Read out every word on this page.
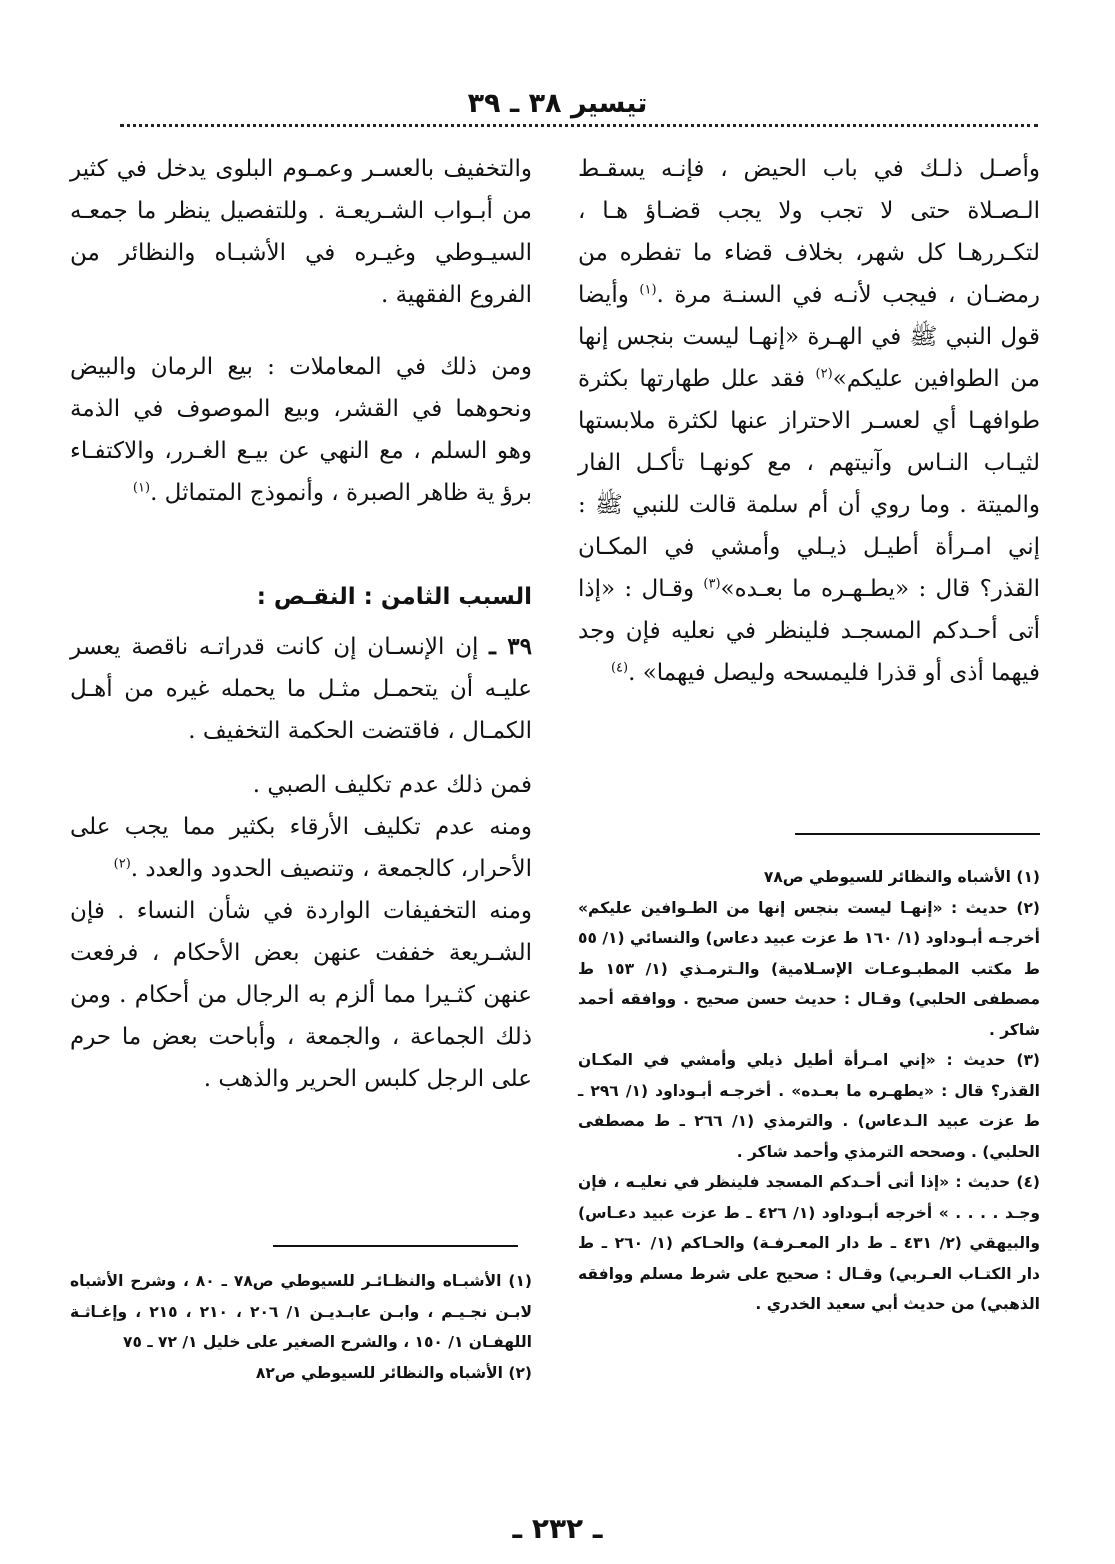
تيسير ٣٨ ـ ٣٩

وأصـل ذلـك في باب الحيض ، فإنـه يسقـط الـصـلاة حتى لا تجب ولا يجب قضـاؤ هـا ، لتكـررهـا كل شهر، بخلاف قضاء ما تفطره من رمضـان ، فيجب لأنـه في السنـة مرة .$^{(١)}$ وأيضا قول النبي ﷺ في الهـرة «إنهـا ليست بنجس إنها من الطوافين عليكم»$^{(٢)}$ فقد علل طهارتها بكثرة طوافهـا أي لعسـر الاحتراز عنها لكثرة ملابستها لثيـاب النـاس وآنيتهم ، مع كونهـا تأكـل الفار والميتة . وما روي أن أم سلمة قالت للنبي ﷺ : إني امـرأة أطيـل ذيـلي وأمشي في المكـان القذر؟ قال : «يطـهـره ما بعـده»$^{(٣)}$ وقـال : «إذا أتى أحـدكم المسجـد فلينظر في نعليه فإن وجد فيهما أذى أو قذرا فليمسحه وليصل فيهما» .$^{(٤)}$

والتخفيف بالعسـر وعمـوم البلوى يدخل في كثير من أبـواب الشـريعـة . وللتفصيل ينظر ما جمعـه السيـوطي وغيـره في الأشبـاه والنظائر من الفروع الفقهية .

ومن ذلك في المعاملات : بيع الرمان والبيض ونحوهما في القشر، وبيع الموصوف في الذمة وهو السلم ، مع النهي عن بيـع الغـرر، والاكتفـاء برؤ ية ظاهر الصبرة ، وأنموذج المتماثل .$^{(١)}$

السبب الثامن : النقـص :

٣٩ ـ إن الإنسـان إن كانت قدراتـه ناقصة يعسر عليـه أن يتحمـل مثـل ما يحمله غيره من أهـل الكمـال ، فاقتضت الحكمة التخفيف .

فمن ذلك عدم تكليف الصبي .

ومنه عدم تكليف الأرقاء بكثير مما يجب على الأحرار، كالجمعة ، وتنصيف الحدود والعدد .$^{(٢)}$

ومنه التخفيفات الواردة في شأن النساء . فإن الشـريعة خففت عنهن بعض الأحكام ، فرفعت عنهن كثـيرا مما ألزم به الرجال من أحكام . ومن ذلك الجماعة ، والجمعة ، وأباحت بعض ما حرم على الرجل كلبس الحرير والذهب .

(١) الأشباه والنظائر للسيوطي ص٧٨

(٢) حديث : «إنهـا ليست بنجس إنها من الطـوافين عليكم» أخرجـه أبـوداود (١/ ١٦٠ ط عزت عبيد دعاس) والنسائي (١/ ٥٥ ط مكتب المطبـوعـات الإسـلامية) والـترمـذي (١/ ١٥٣ ط مصطفى الحلبي) وقـال : حديث حسن صحيح . ووافقه أحمد شاكر .

(٣) حديث : «إني امـرأة أطيل ذيلي وأمشي في المكـان القذر؟ قال : «يطهـره ما بعـده» . أخرجـه أبـوداود (١/ ٢٩٦ ـ ط عزت عبيد الـدعاس) . والترمذي (١/ ٢٦٦ ـ ط مصطفى الحلبي) . وصححه الترمذي وأحمد شاكر .

(٤) حديث : «إذا أتى أحـدكم المسجد فلينظر في نعليـه ، فإن وجـد . . . . » أخرجه أبـوداود (١/ ٤٢٦ ـ ط عزت عبيد دعـاس) والبيهقي (٢/ ٤٣١ ـ ط دار المعـرفـة) والحـاكم (١/ ٢٦٠ ـ ط دار الكتـاب العـربي) وقـال : صحيح على شرط مسلم ووافقه الذهبي) من حديث أبي سعيد الخدري .

(١) الأشبـاه والنظـائـر للسيوطي ص٧٨ ـ ٨٠ ، وشرح الأشباه لابـن نجـيـم ، وابـن عابـديـن ١/ ٢٠٦ ، ٢١٠ ، ٢١٥ ، وإغـاثـة اللهفـان ١/ ١٥٠ ، والشرح الصغير على خليل ١/ ٧٢ ـ ٧٥

(٢) الأشباه والنظائر للسيوطي ص٨٢

ـ ٢٣٢ ـ
